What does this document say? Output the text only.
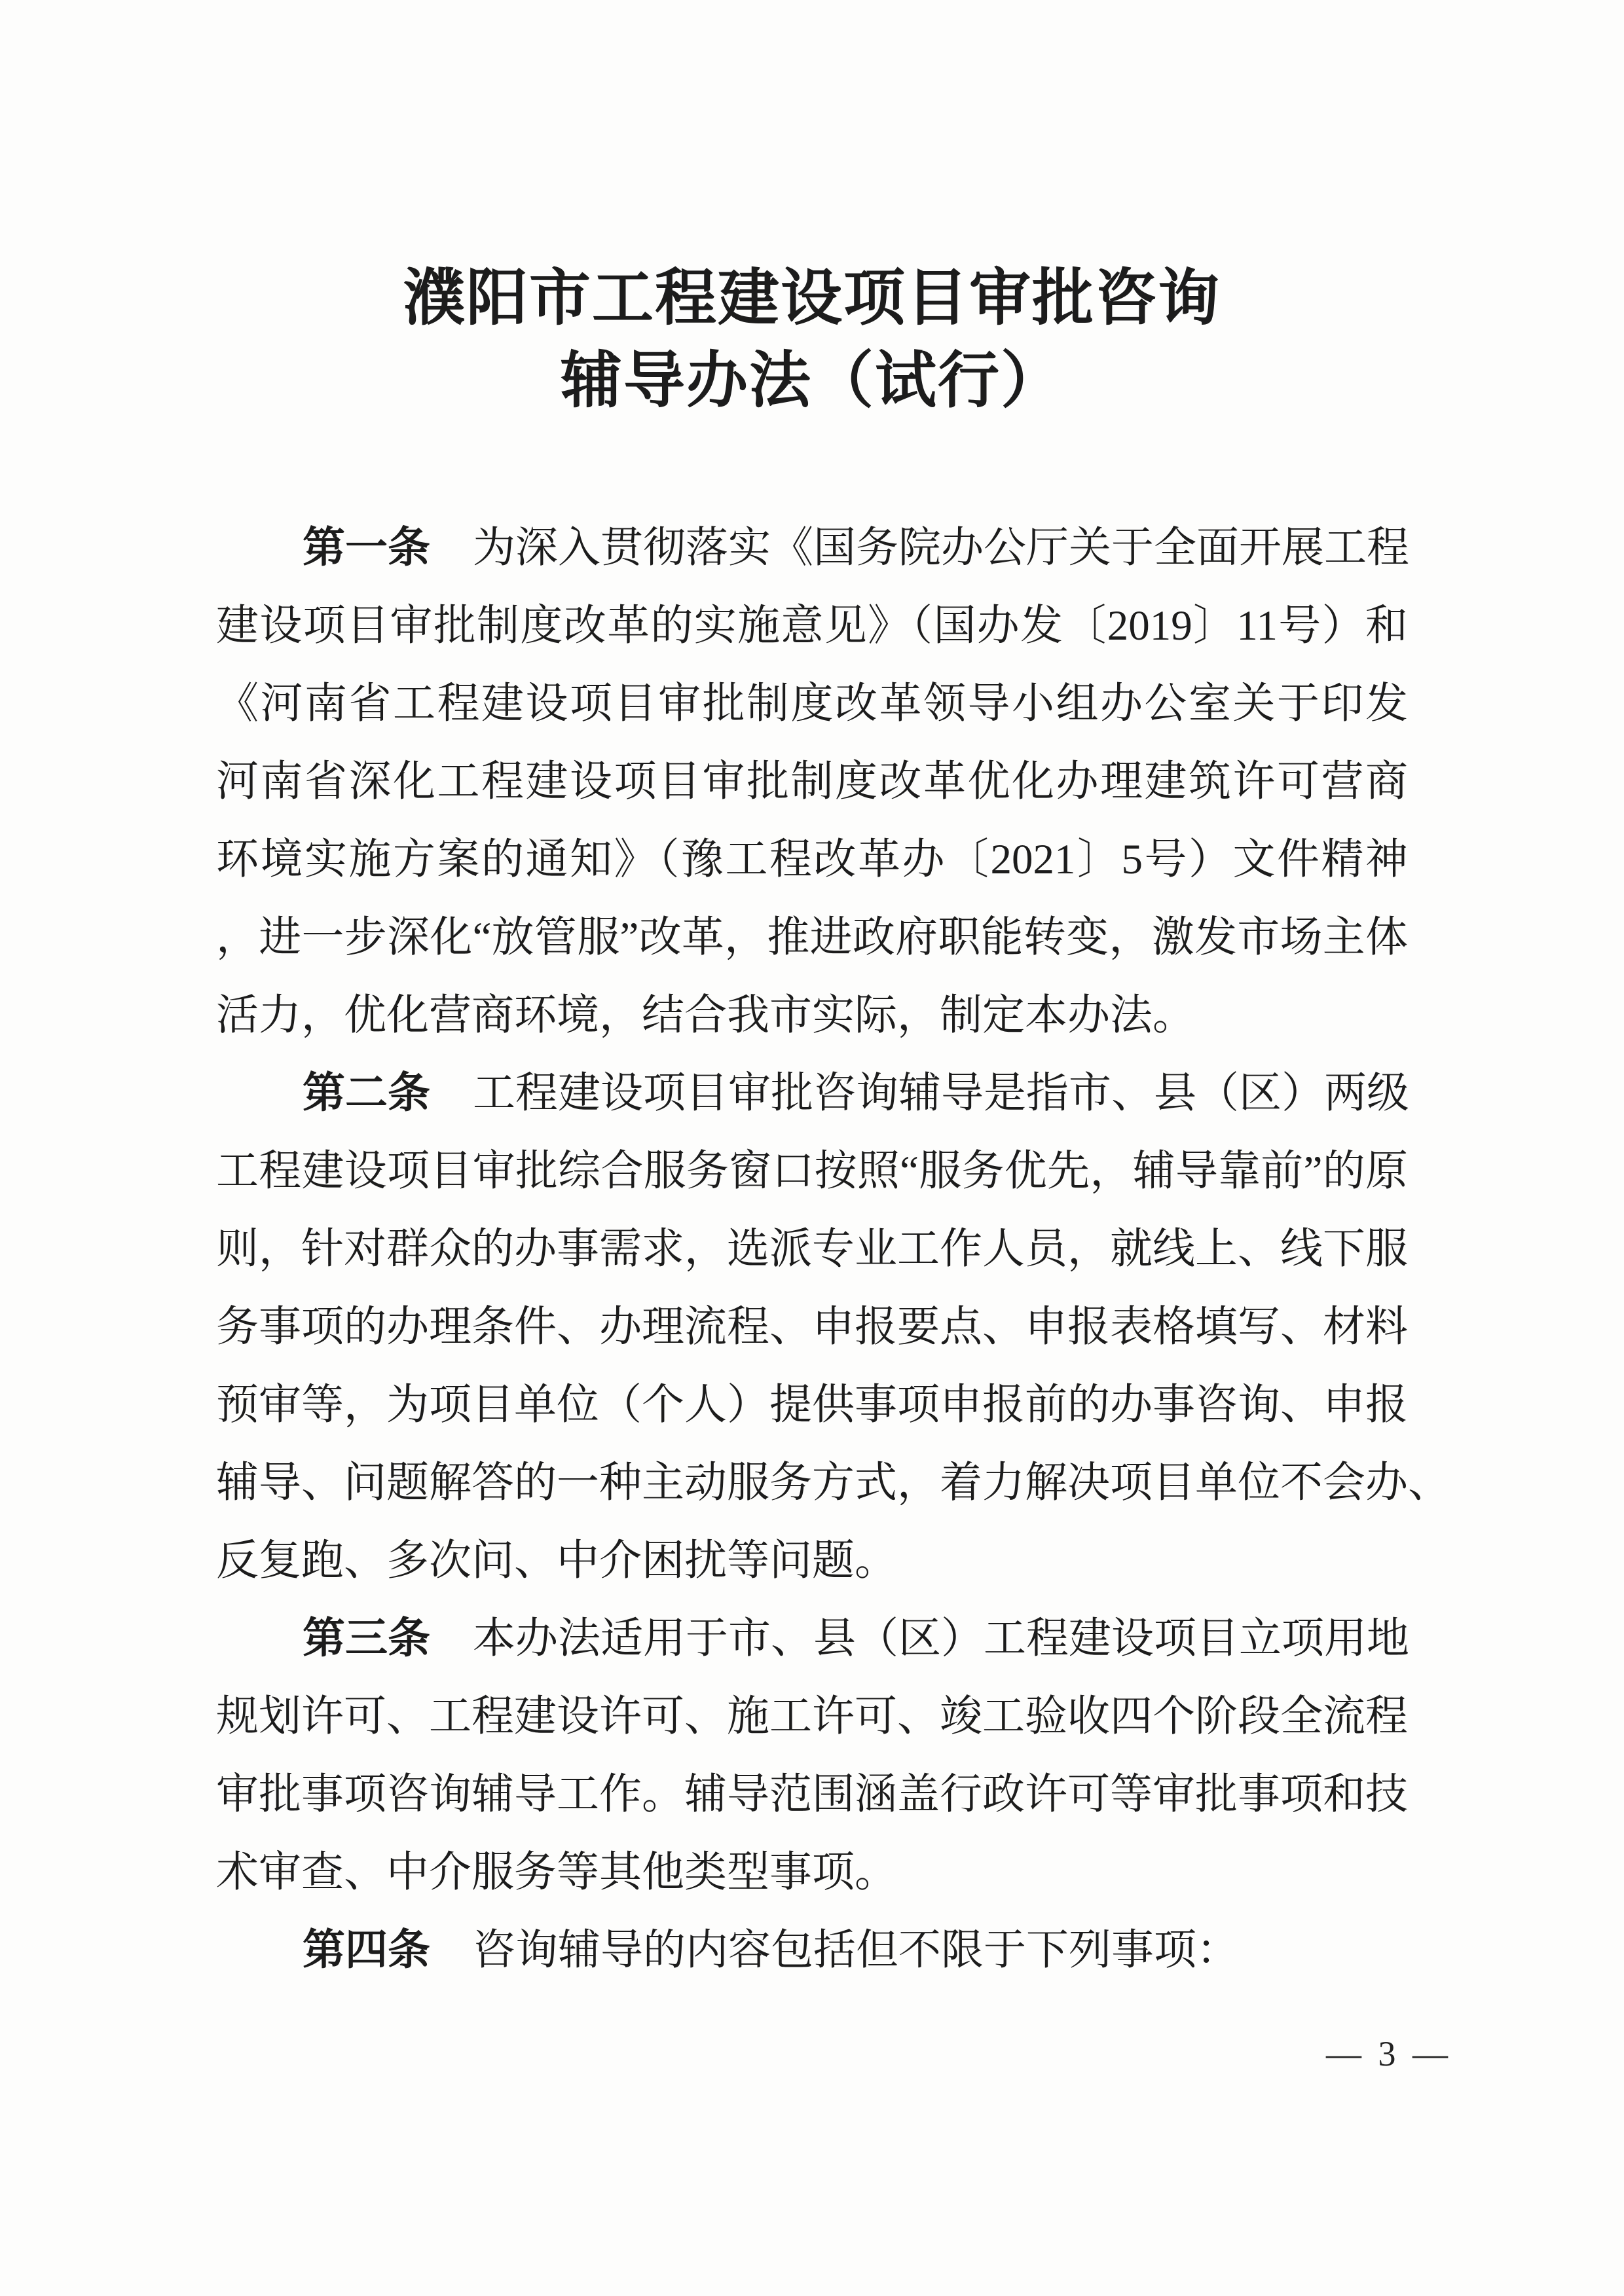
濮阳市工程建设项目审批咨询
辅导办法（试行）
第一条　为深入贯彻落实《国务院办公厅关于全面开展工程
建设项目审批制度改革的实施意见》（国办发〔2019〕11号）和
《河南省工程建设项目审批制度改革领导小组办公室关于印发
河南省深化工程建设项目审批制度改革优化办理建筑许可营商
环境实施方案的通知》（豫工程改革办〔2021〕5号）文件精神
，进一步深化“放管服”改革，推进政府职能转变，激发市场主体
活力，优化营商环境，结合我市实际，制定本办法。
第二条　工程建设项目审批咨询辅导是指市、县（区）两级
工程建设项目审批综合服务窗口按照“服务优先，辅导靠前”的原
则，针对群众的办事需求，选派专业工作人员，就线上、线下服
务事项的办理条件、办理流程、申报要点、申报表格填写、材料
预审等，为项目单位（个人）提供事项申报前的办事咨询、申报
辅导、问题解答的一种主动服务方式，着力解决项目单位不会办、
反复跑、多次问、中介困扰等问题。
第三条　本办法适用于市、县（区）工程建设项目立项用地
规划许可、工程建设许可、施工许可、竣工验收四个阶段全流程
审批事项咨询辅导工作。辅导范围涵盖行政许可等审批事项和技
术审查、中介服务等其他类型事项。
第四条　咨询辅导的内容包括但不限于下列事项：
— 3 —
